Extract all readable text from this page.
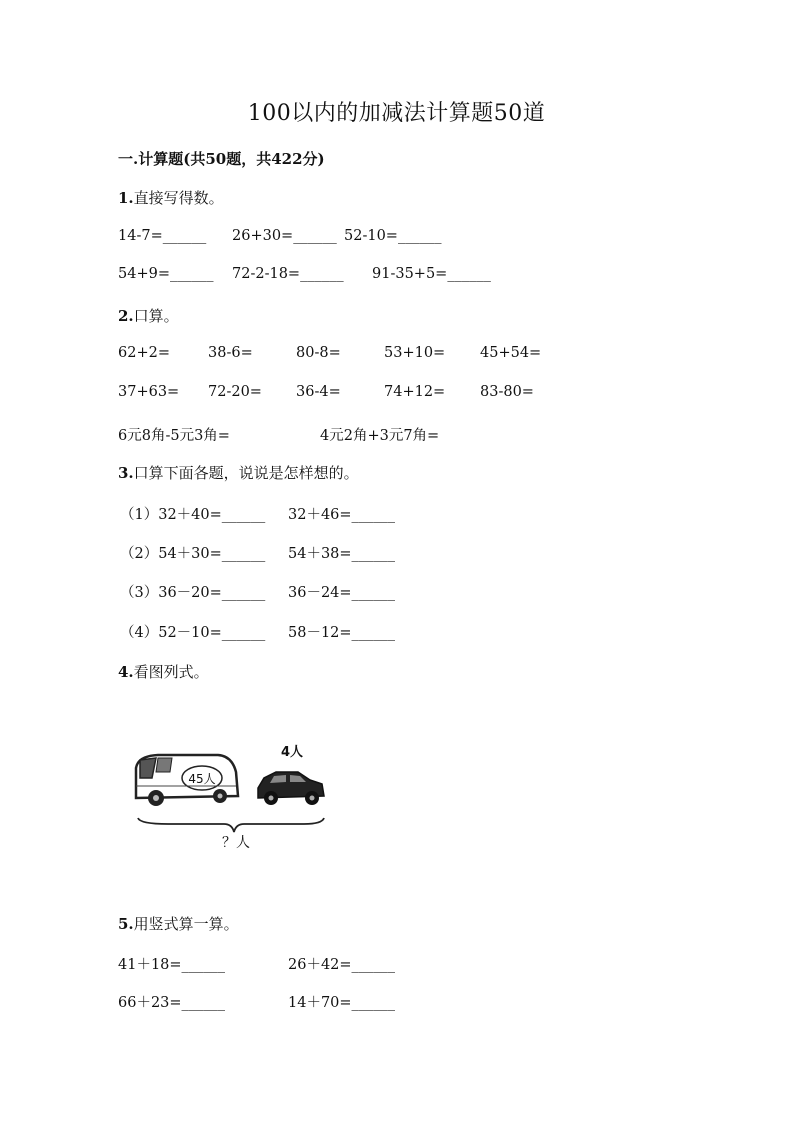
100以内的加减法计算题50道
一.计算题(共50题，共422分)
1.直接写得数。
14-7=______ 26+30=______ 52-10=______
54+9=______ 72-2-18=______ 91-35+5=______
2.口算。
62+2=	38-6=	80-8=	53+10= 45+54=
37+63= 72-20= 36-4=	74+12= 83-80=
6元8角-5元3角=	4元2角+3元7角=
3.口算下面各题，说说是怎样想的。
（1）32＋40=______ 32＋46=______
（2）54＋30=______ 54＋38=______
（3）36－20=______ 36－24=______
（4）52－10=______ 58－12=______
4.看图列式。
45人
4人
？人
5.用竖式算一算。
41＋18=______	26＋42=______
66＋23=______	14＋70=______
